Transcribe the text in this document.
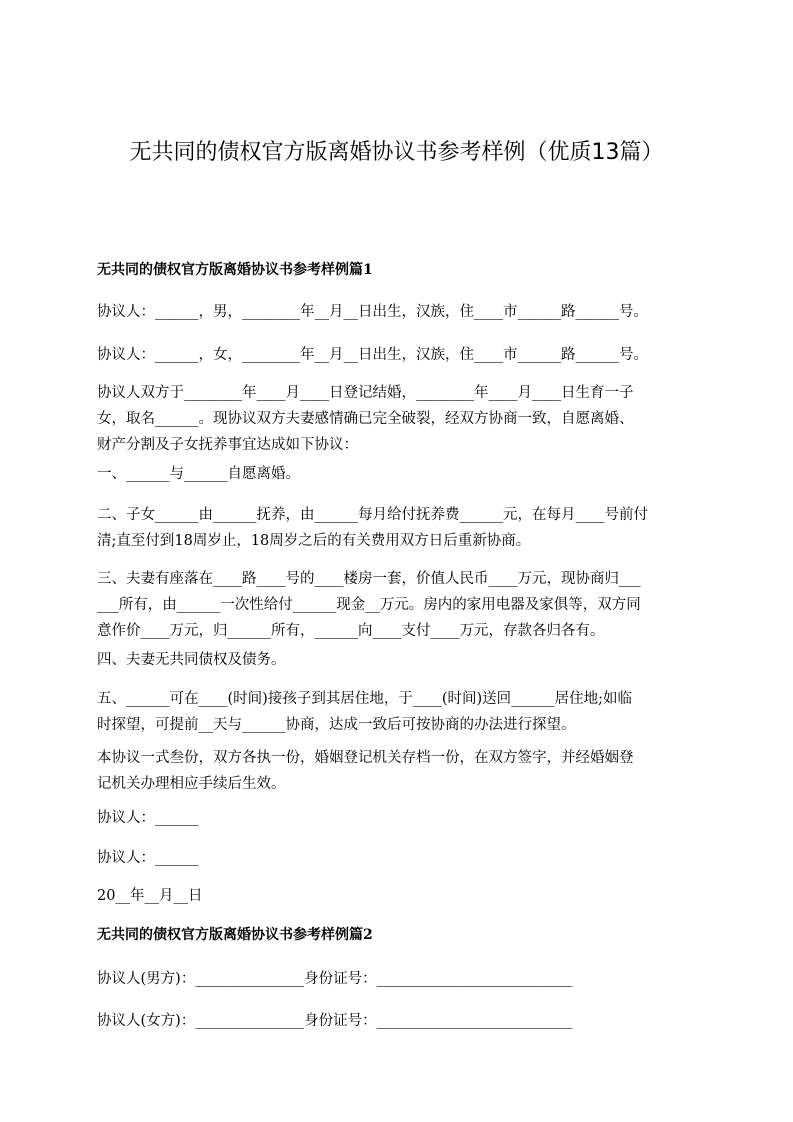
无共同的债权官方版离婚协议书参考样例（优质13篇）
无共同的债权官方版离婚协议书参考样例篇1
协议人：______，男，________年__月__日出生，汉族，住____市______路______号。
协议人：______，女，________年__月__日出生，汉族，住____市______路______号。
协议人双方于________年____月____日登记结婚，________年____月____日生育一子
女，取名______。现协议双方夫妻感情确已完全破裂，经双方协商一致，自愿离婚、
财产分割及子女抚养事宜达成如下协议：
一、______与______自愿离婚。
二、子女______由______抚养，由______每月给付抚养费______元，在每月____号前付
清;直至付到18周岁止，18周岁之后的有关费用双方日后重新协商。
三、夫妻有座落在____路____号的____楼房一套，价值人民币____万元，现协商归___
___所有，由______一次性给付______现金__万元。房内的家用电器及家俱等，双方同
意作价____万元，归______所有，______向____支付____万元，存款各归各有。
四、夫妻无共同债权及债务。
五、______可在____(时间)接孩子到其居住地，于____(时间)送回______居住地;如临
时探望，可提前__天与______协商，达成一致后可按协商的办法进行探望。
本协议一式叁份，双方各执一份，婚姻登记机关存档一份，在双方签字，并经婚姻登
记机关办理相应手续后生效。
协议人：______
协议人：______
20__年__月__日
无共同的债权官方版离婚协议书参考样例篇2
协议人(男方)：_______________身份证号：___________________________
协议人(女方)：_______________身份证号：___________________________
